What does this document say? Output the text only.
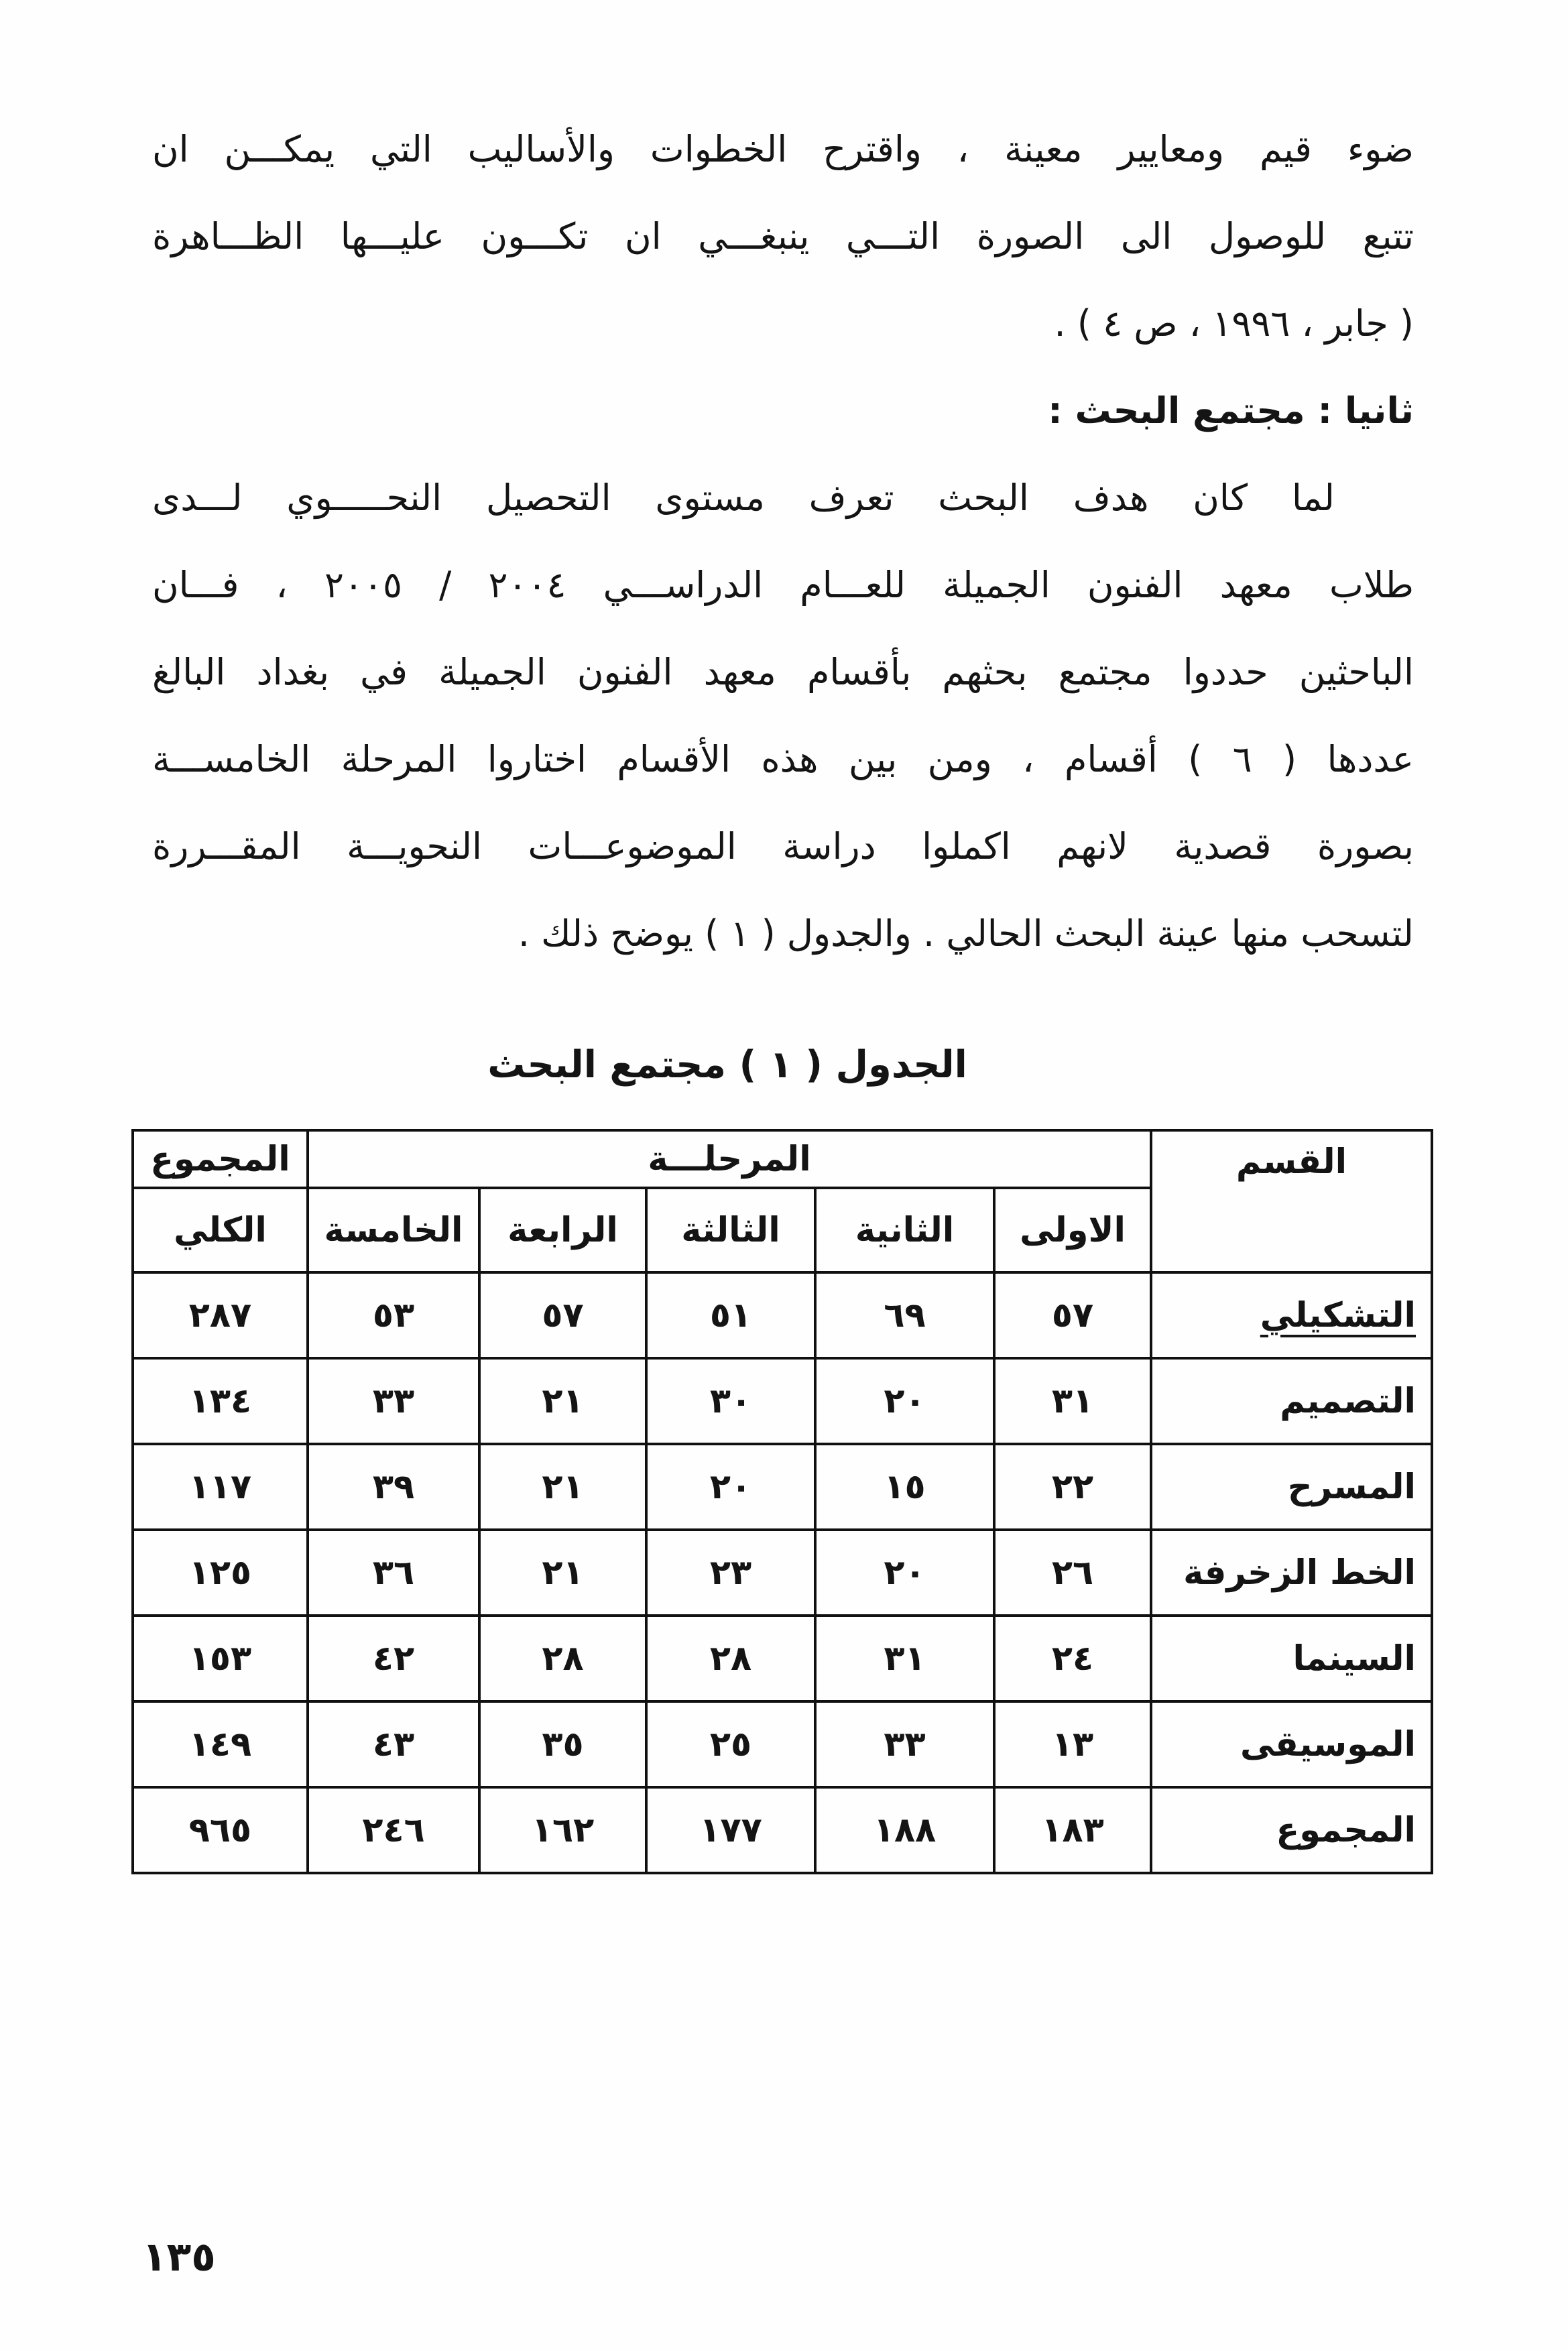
ضوء قيم ومعايير معينة ، واقترح الخطوات والأساليب التي يمكـــن ان
تتبع للوصول الى الصورة التـــي ينبغـــي ان تكـــون عليـــها الظـــاهرة
( جابر ، ١٩٩٦ ، ص ٤ ) .
ثانيا : مجتمع البحث :
لما كان هدف البحث تعرف مستوى التحصيل النحـــــوي لـــدى
طلاب معهد الفنون الجميلة للعـــام الدراســـي ٢٠٠٤ / ٢٠٠٥ ، فـــان
الباحثين حددوا مجتمع بحثهم بأقسام معهد الفنون الجميلة في بغداد البالغ
عددها ( ٦ ) أقسام ، ومن بين هذه الأقسام اختاروا المرحلة الخامســـة
بصورة قصدية لانهم اكملوا دراسة الموضوعـــات النحويـــة المقـــررة
لتسحب منها عينة البحث الحالي . والجدول ( ١ ) يوضح ذلك .
الجدول ( ١ ) مجتمع البحث
القسم	المرحلـــة					المجموع
	الاولى	الثانية	الثالثة	الرابعة	الخامسة	الكلي
التشكيلي	٥٧	٦٩	٥١	٥٧	٥٣	٢٨٧
التصميم	٣١	٢٠	٣٠	٢١	٣٣	١٣٤
المسرح	٢٢	١٥	٢٠	٢١	٣٩	١١٧
الخط الزخرفة	٢٦	٢٠	٢٣	٢١	٣٦	١٢٥
السينما	٢٤	٣١	٢٨	٢٨	٤٢	١٥٣
الموسيقى	١٣	٣٣	٢٥	٣٥	٤٣	١٤٩
المجموع	١٨٣	١٨٨	١٧٧	١٦٢	٢٤٦	٩٦٥
١٣٥
